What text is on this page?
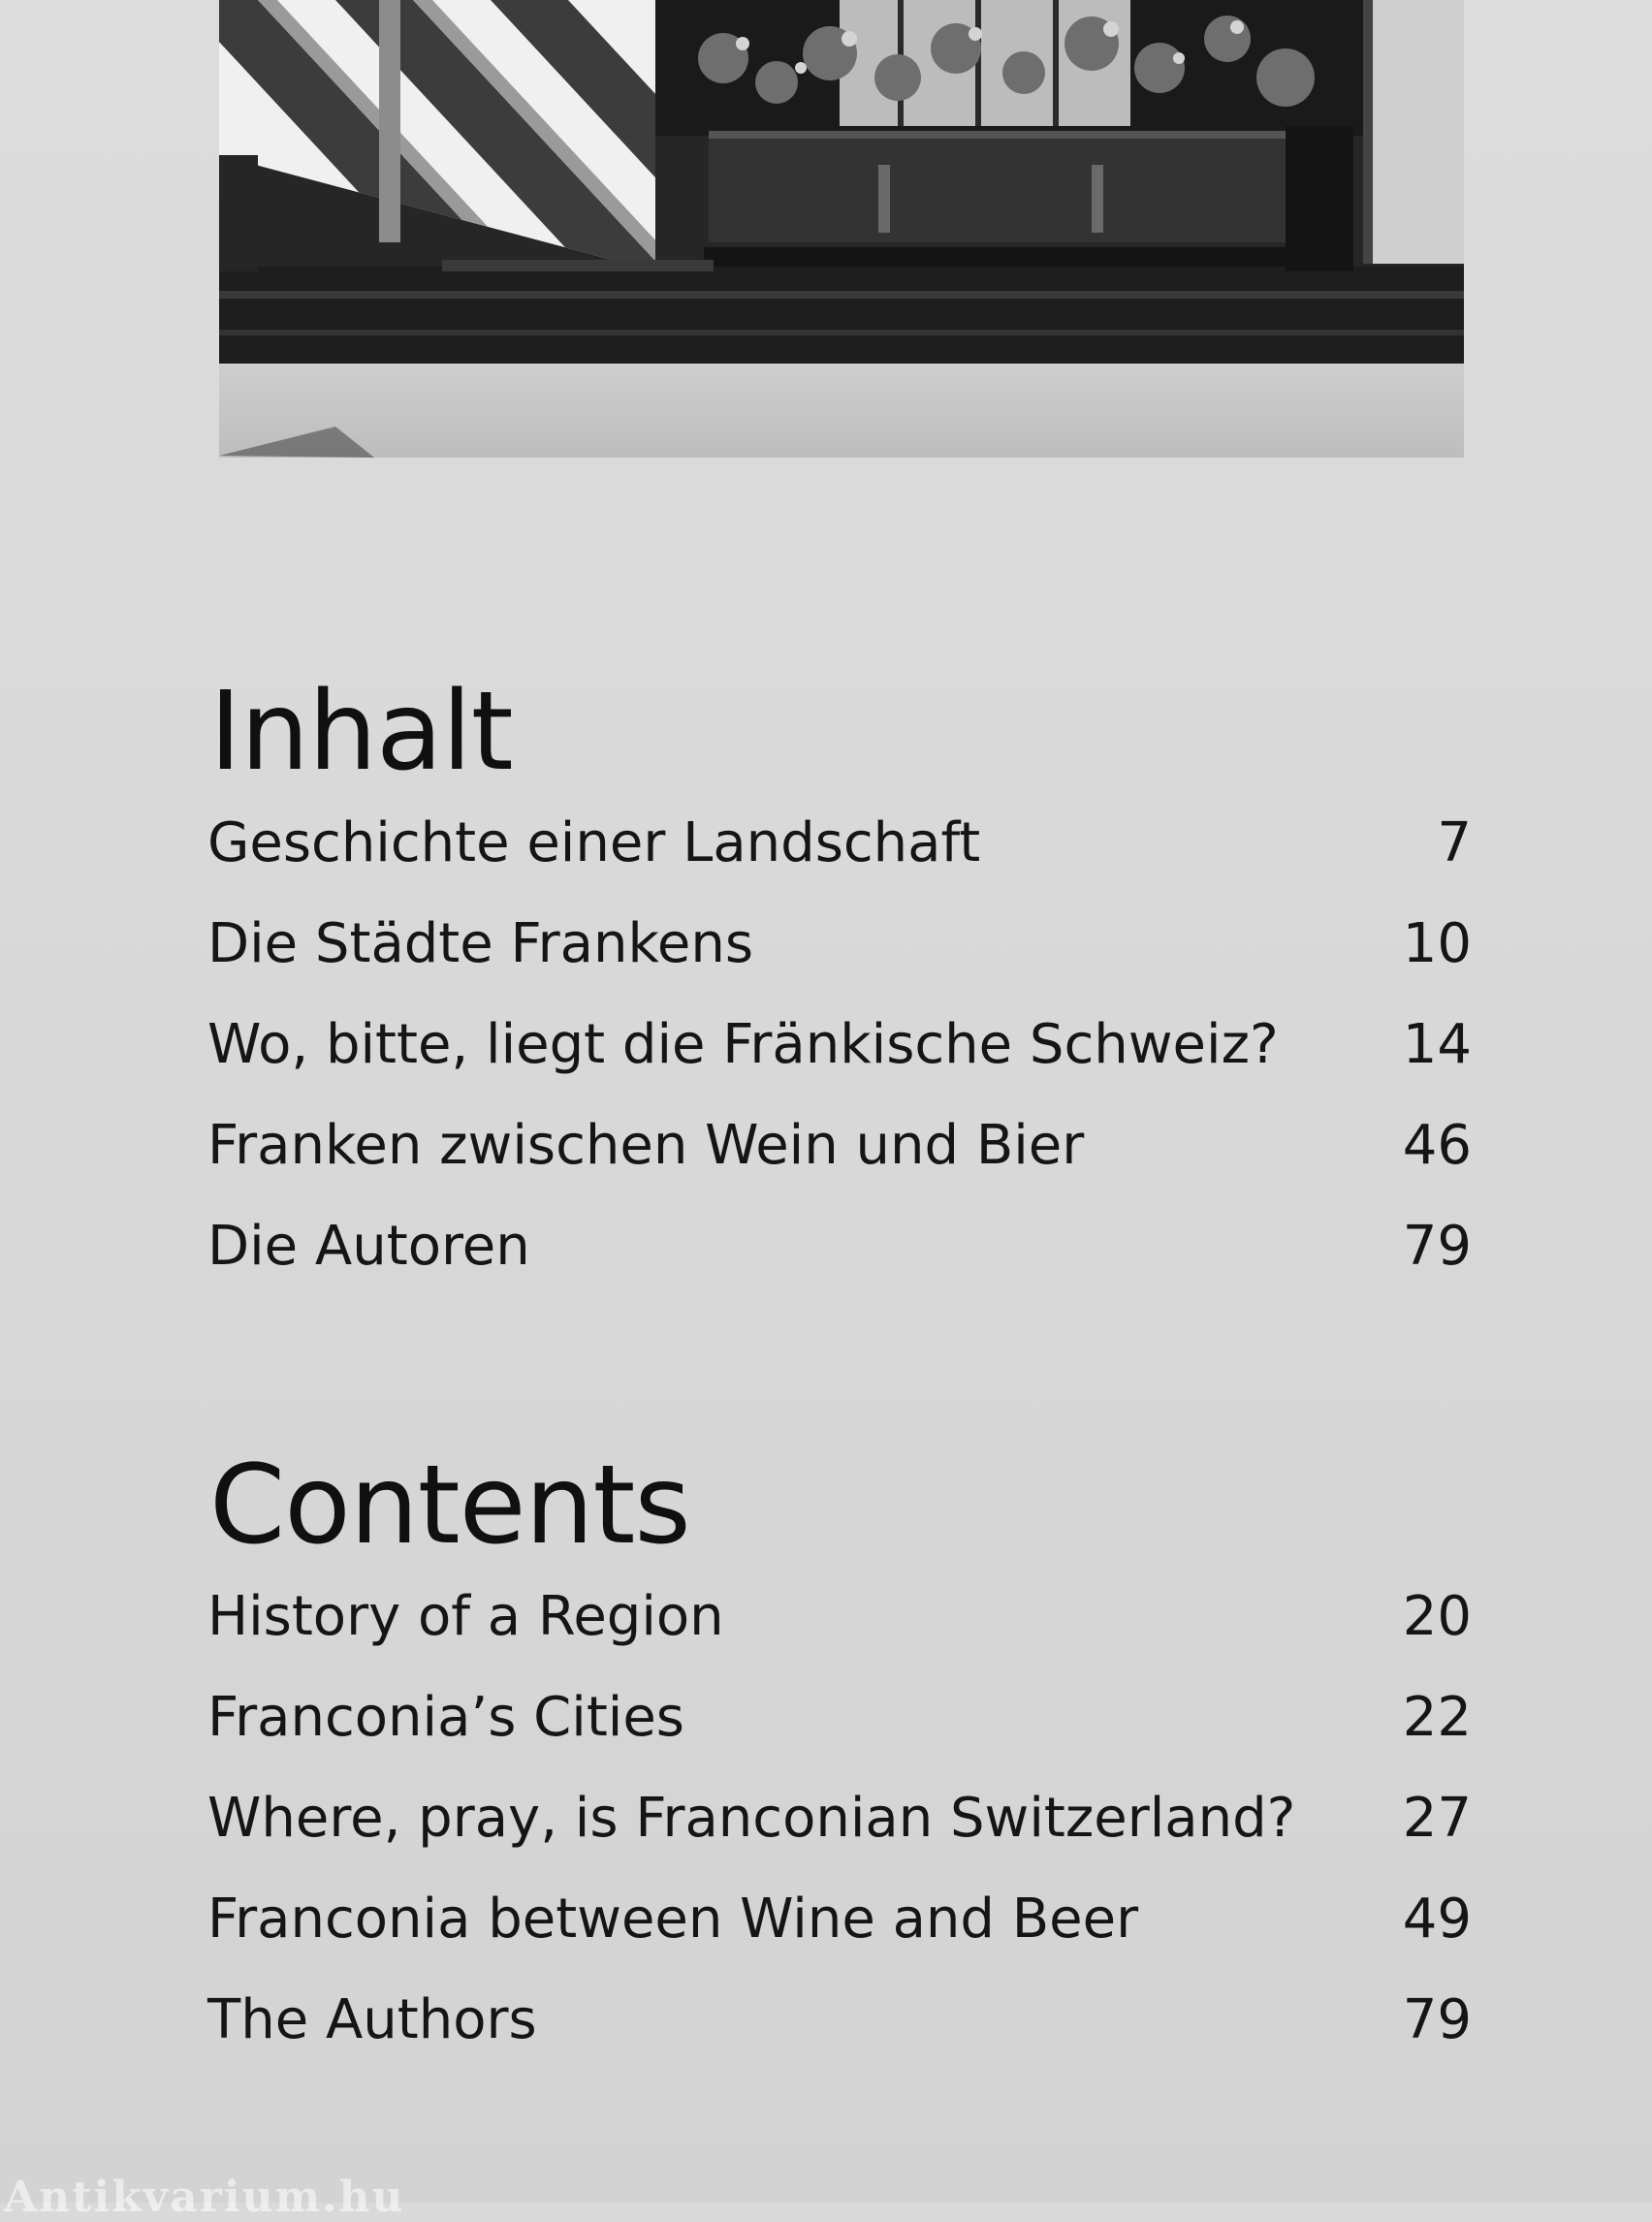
Inhalt
Geschichte einer Landschaft	7
Die Städte Frankens	10
Wo, bitte, liegt die Fränkische Schweiz? 14
Franken zwischen Wein und Bier	46
Die Autoren	79
Contents
History of a Region	20
Franconia’s Cities	22
Where, pray, is Franconian Switzerland? 27
Franconia between Wine and Beer	49
The Authors	79
Antikvarium.hu
